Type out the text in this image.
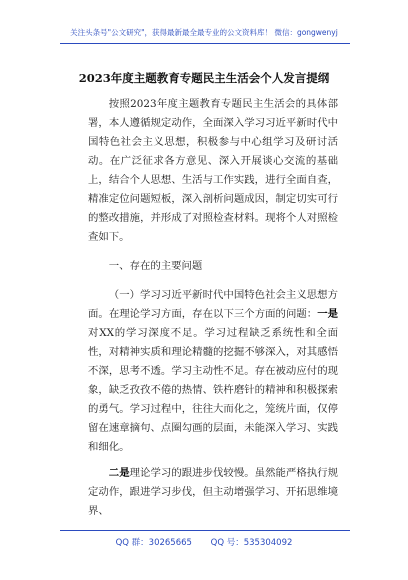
关注头条号"公文研究"，获得最新最全最专业的公文资料库！ 微信：gongwenyj
2023年度主题教育专题民主生活会个人发言提纲

按照2023年度主题教育专题民主生活会的具体部署，本人遵循规定动作，全面深入学习习近平新时代中国特色社会主义思想，积极参与中心组学习及研讨活动。在广泛征求各方意见、深入开展谈心交流的基础上，结合个人思想、生活与工作实践，进行全面自查，精准定位问题短板，深入剖析问题成因，制定切实可行的整改措施，并形成了对照检查材料。现将个人对照检查如下。

一、存在的主要问题

（一）学习习近平新时代中国特色社会主义思想方面。在理论学习方面，存在以下三个方面的问题：一是对XX的学习深度不足。学习过程缺乏系统性和全面性，对精神实质和理论精髓的挖掘不够深入，对其感悟不深，思考不透。学习主动性不足。存在被动应付的现象，缺乏孜孜不倦的热情、铁杵磨针的精神和积极探索的勇气。学习过程中，往往大而化之，笼统片面，仅停留在速章摘句、点圈勾画的层面，未能深入学习、实践和细化。

二是理论学习的跟进步伐较慢。虽然能严格执行规定动作，跟进学习步伐，但主动增强学习、开拓思维境界、

QQ 群：30265665 QQ 号：535304092
